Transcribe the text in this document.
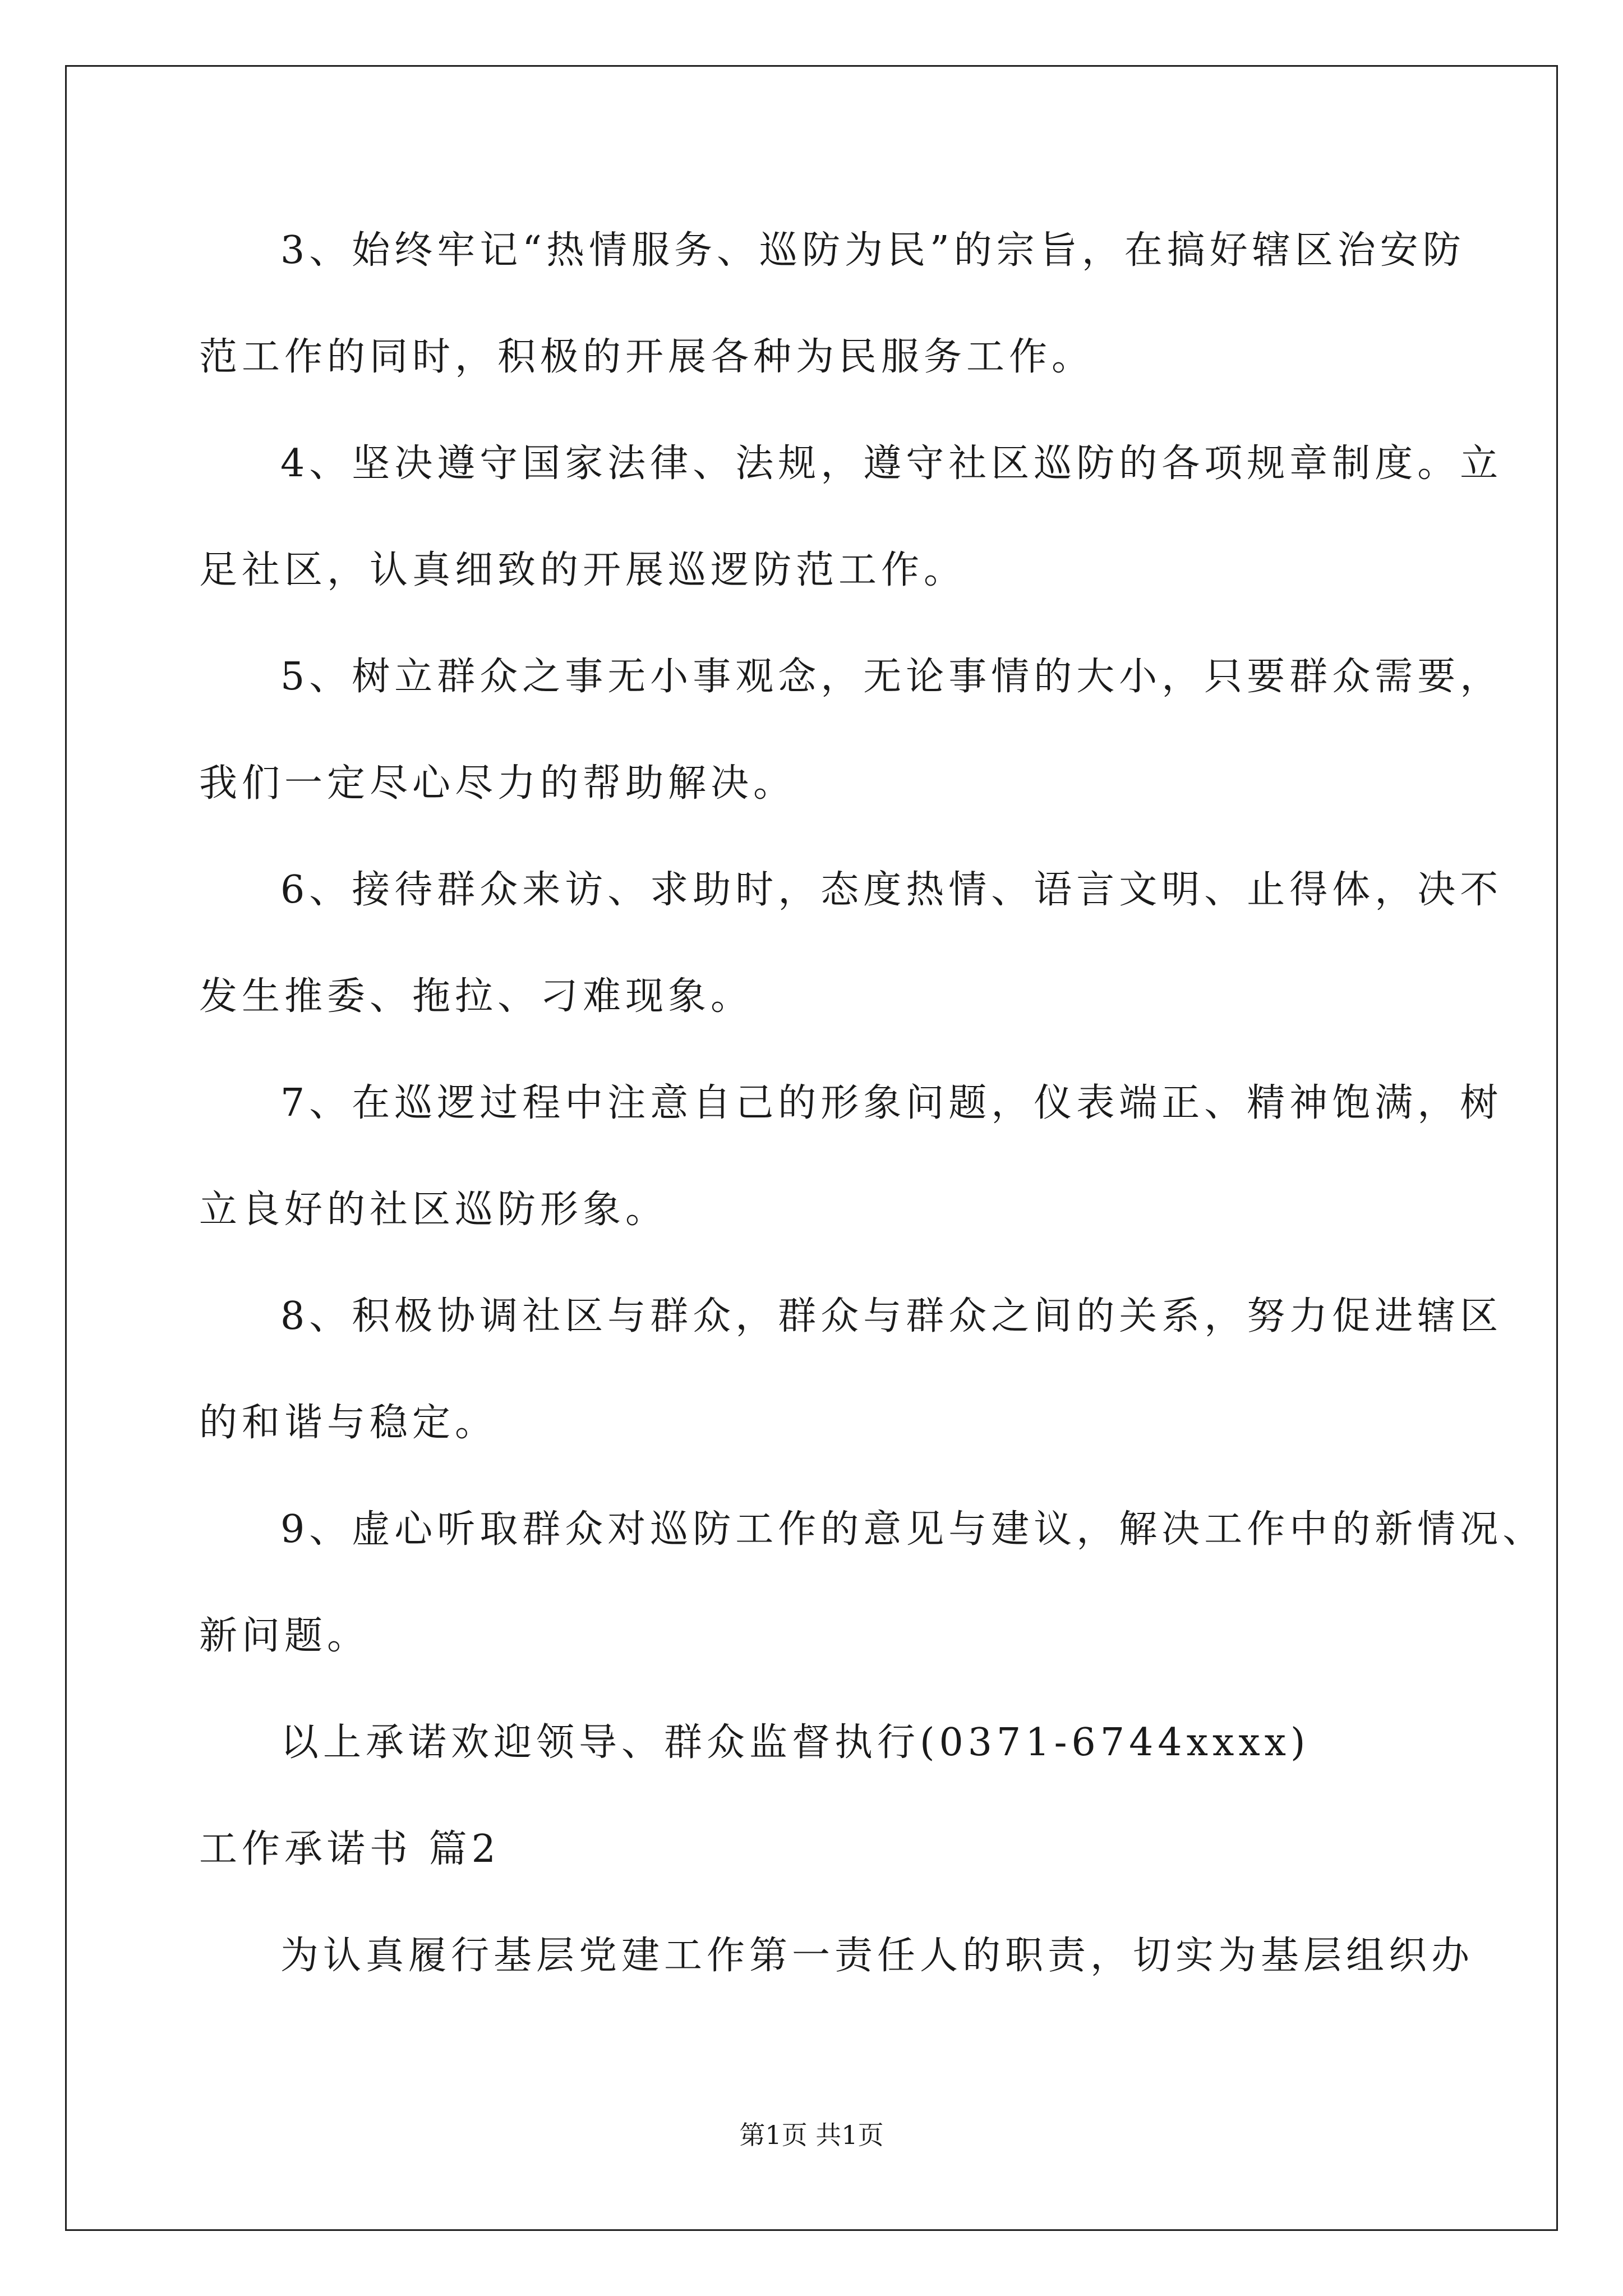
3、始终牢记“热情服务、巡防为民”的宗旨，在搞好辖区治安防
范工作的同时，积极的开展各种为民服务工作。
4、坚决遵守国家法律、法规，遵守社区巡防的各项规章制度。立
足社区，认真细致的开展巡逻防范工作。
5、树立群众之事无小事观念，无论事情的大小，只要群众需要，
我们一定尽心尽力的帮助解决。
6、接待群众来访、求助时，态度热情、语言文明、止得体，决不
发生推委、拖拉、刁难现象。
7、在巡逻过程中注意自己的形象问题，仪表端正、精神饱满，树
立良好的社区巡防形象。
8、积极协调社区与群众，群众与群众之间的关系，努力促进辖区
的和谐与稳定。
9、虚心听取群众对巡防工作的意见与建议，解决工作中的新情况、
新问题。
以上承诺欢迎领导、群众监督执行(0371-6744xxxx)
工作承诺书 篇2
为认真履行基层党建工作第一责任人的职责，切实为基层组织办
第1页 共1页
